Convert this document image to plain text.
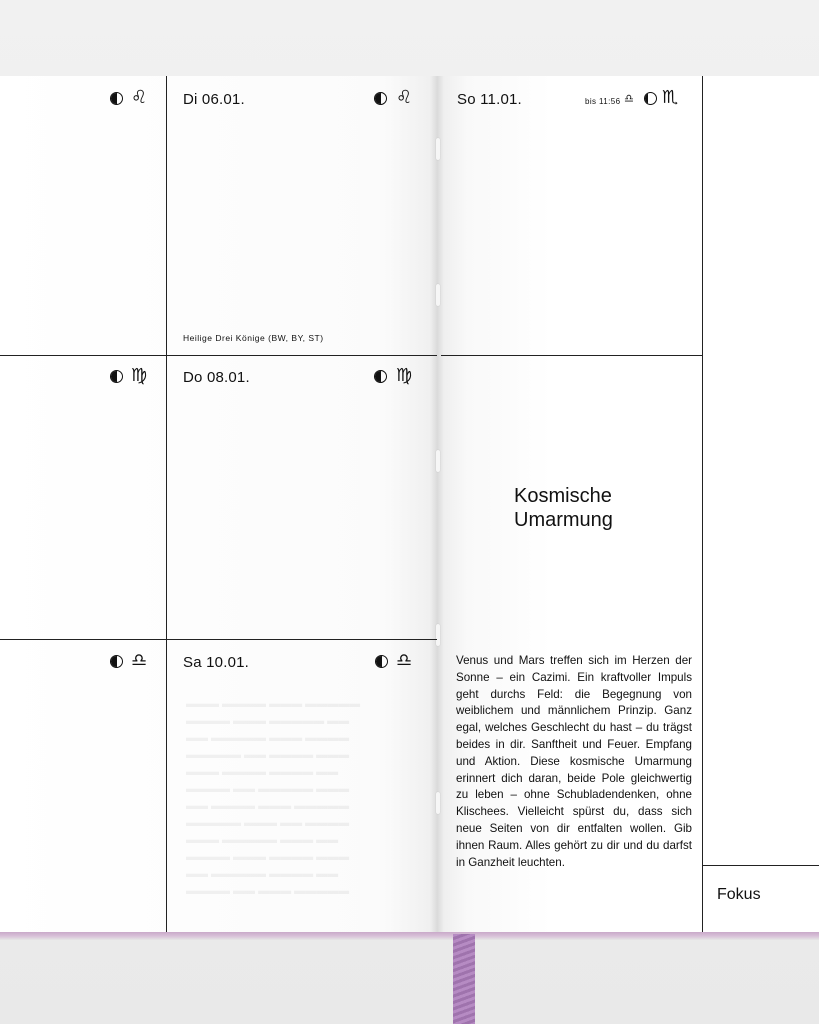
▬▬▬ ▬▬▬▬ ▬▬▬ ▬▬▬▬▬
▬▬▬▬ ▬▬▬ ▬▬▬▬▬ ▬▬
▬▬ ▬▬▬▬▬ ▬▬▬ ▬▬▬▬
▬▬▬▬▬ ▬▬ ▬▬▬▬ ▬▬▬
▬▬▬ ▬▬▬▬ ▬▬▬▬ ▬▬
▬▬▬▬ ▬▬ ▬▬▬▬▬ ▬▬▬
▬▬ ▬▬▬▬ ▬▬▬ ▬▬▬▬▬
▬▬▬▬▬ ▬▬▬ ▬▬ ▬▬▬▬
▬▬▬ ▬▬▬▬▬ ▬▬▬ ▬▬
▬▬▬▬ ▬▬▬ ▬▬▬▬ ▬▬▬
▬▬ ▬▬▬▬▬ ▬▬▬▬ ▬▬
▬▬▬▬ ▬▬ ▬▬▬ ▬▬▬▬▬
♌ Di 06.01.	♌
Heilige Drei Könige (BW, BY, ST)
♍ Do 08.01.	♍
♎ Sa 10.01.	♎
So 11.01.	bis 11:56 ♎ ♏
Kosmische
Umarmung
Venus und Mars treffen sich im Herzen der Sonne – ein Cazimi. Ein kraftvoller Impuls geht durchs Feld: die Begegnung von weiblichem und männlichem Prinzip. Ganz egal, welches Geschlecht du hast – du trägst beides in dir. Sanftheit und Feuer. Empfang und Aktion. Diese kosmische Umarmung erinnert dich daran, beide Pole gleichwertig zu leben – ohne Schubladendenken, ohne Klischees. Vielleicht spürst du, dass sich neue Seiten von dir entfalten wollen. Gib ihnen Raum. Alles gehört zu dir und du darfst in Ganzheit leuchten.
Fokus
